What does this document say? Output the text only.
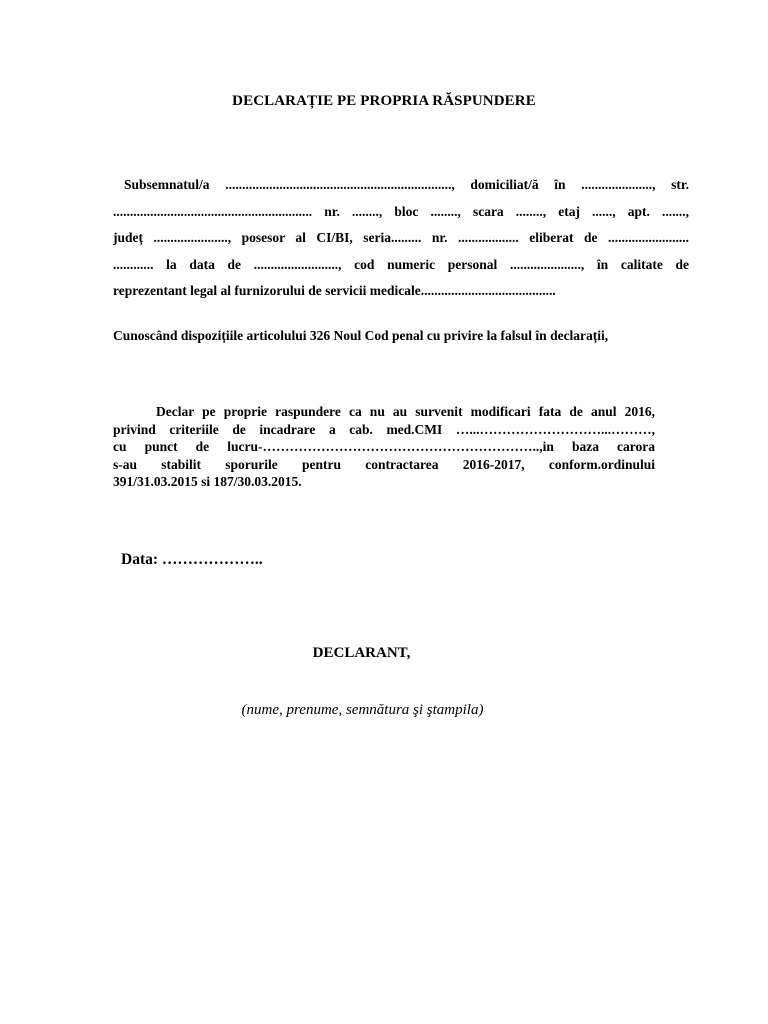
DECLARAȚIE PE PROPRIA RĂSPUNDERE
Subsemnatul/a ..................................................................., domiciliat/ă în ....................., str.
........................................................... nr. ........, bloc ........, scara ........, etaj ......, apt. .......,
județ ......................, posesor al CI/BI, seria......... nr. .................. eliberat de ........................
............ la data de ........................., cod numeric personal ....................., în calitate de
reprezentant legal al furnizorului de servicii medicale........................................
Cunoscând dispozițiile articolului 326 Noul Cod penal cu privire la falsul în declarații,
Declar pe proprie raspundere ca nu au survenit modificari fata de anul 2016,
privind criteriile de incadrare a cab. med.CMI …...………………………...………,
cu punct de lucru-……………………………………………………..,in baza carora
s-au stabilit sporurile pentru contractarea 2016-2017, conform.ordinului
391/31.03.2015 si 187/30.03.2015.
Data: ………………..
DECLARANT,
(nume, prenume, semnătura şi ştampila)
